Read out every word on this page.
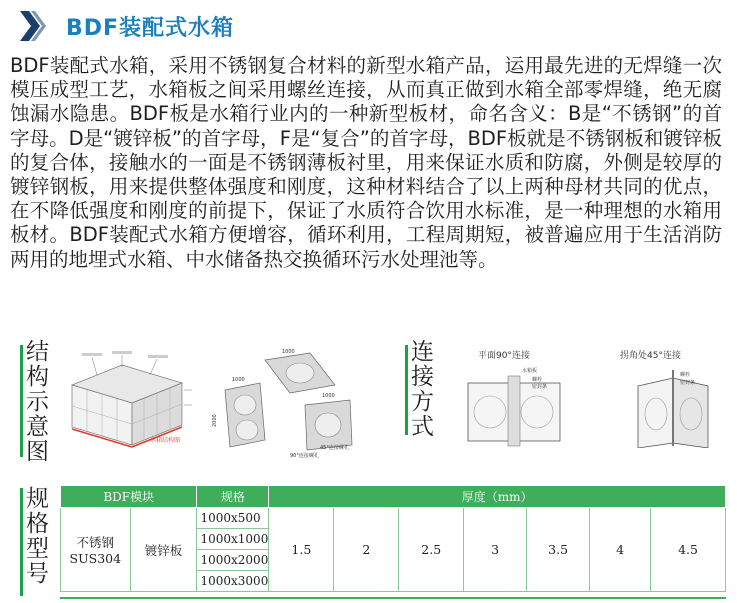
BDF装配式水箱

BDF装配式水箱，采用不锈钢复合材料的新型水箱产品，运用最先进的无焊缝一次模压成型工艺，水箱板之间采用螺丝连接，从而真正做到水箱全部零焊缝，绝无腐蚀漏水隐患。BDF板是水箱行业内的一种新型板材，命名含义：B是“不锈钢”的首字母。D是“镀锌板”的首字母，F是“复合”的首字母，BDF板就是不锈钢板和镀锌板的复合体，接触水的一面是不锈钢薄板衬里，用来保证水质和防腐，外侧是较厚的镀锌钢板，用来提供整体强度和刚度，这种材料结合了以上两种母材共同的优点，在不降低强度和刚度的前提下，保证了水质符合饮用水标准，是一种理想的水箱用板材。BDF装配式水箱方便增容，循环利用，工程周期短，被普遍应用于生活消防两用的地埋式水箱、中水储备热交换循环污水处理池等。

结
构
示
意
图	水箱结构图
1000
1000
2000
1000
45°连接螺孔
90°连接螺孔
连
接
方
式
平面90°连接
水箱板
螺栓
密封条
拐角处45°连接
螺栓
密封条
规
格
型
号
BDF模块		规格	厚度（mm）						

不锈钢
SUS304	镀锌板	1000x500	1.5	2	2.5	3	3.5	4	4.5
		1000x1000							
		1000x2000							
		1000x3000							
